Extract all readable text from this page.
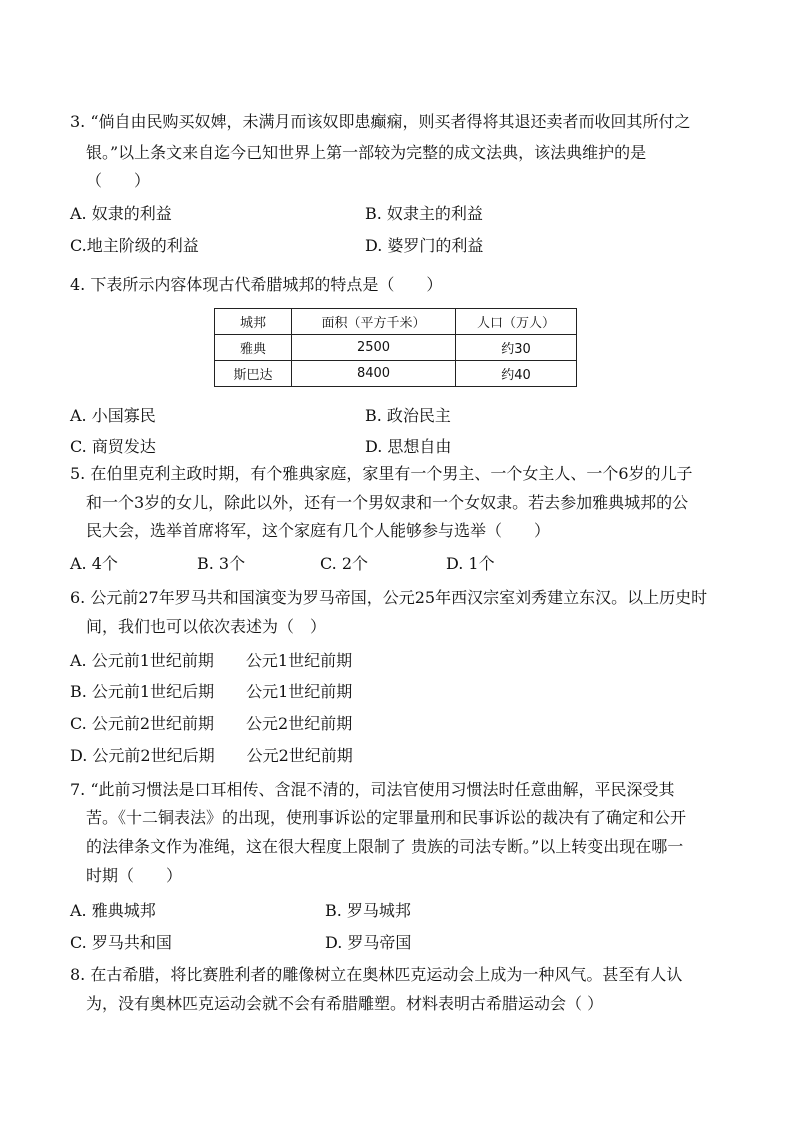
3. “倘自由民购买奴婢，未满月而该奴即患癫痫，则买者得将其退还卖者而收回其所付之
银。”以上条文来自迄今已知世界上第一部较为完整的成文法典，该法典维护的是
（　　）
A. 奴隶的利益	B. 奴隶主的利益
C.地主阶级的利益	D. 婆罗门的利益
4. 下表所示内容体现古代希腊城邦的特点是（　　）
城邦	面积（平方千米）	人口（万人）
雅典	2500	约30
斯巴达	8400	约40
A. 小国寡民	B. 政治民主
C. 商贸发达	D. 思想自由
5. 在伯里克利主政时期，有个雅典家庭，家里有一个男主、一个女主人、一个6岁的儿子
和一个3岁的女儿，除此以外，还有一个男奴隶和一个女奴隶。若去参加雅典城邦的公
民大会，选举首席将军，这个家庭有几个人能够参与选举（　　）
A. 4个	B. 3个	C. 2个	D. 1个
6. 公元前27年罗马共和国演变为罗马帝国，公元25年西汉宗室刘秀建立东汉。以上历史时
间，我们也可以依次表述为（　）
A. 公元前1世纪前期　　公元1世纪前期
B. 公元前1世纪后期　　公元1世纪前期
C. 公元前2世纪前期　　公元2世纪前期
D. 公元前2世纪后期　　公元2世纪前期
7. “此前习惯法是口耳相传、含混不清的，司法官使用习惯法时任意曲解，平民深受其
苦。《十二铜表法》的出现，使刑事诉讼的定罪量刑和民事诉讼的裁决有了确定和公开
的法律条文作为准绳，这在很大程度上限制了 贵族的司法专断。”以上转变出现在哪一
时期（　　）
A. 雅典城邦	B. 罗马城邦
C. 罗马共和国	D. 罗马帝国
8. 在古希腊，将比赛胜利者的雕像树立在奥林匹克运动会上成为一种风气。甚至有人认
为，没有奥林匹克运动会就不会有希腊雕塑。材料表明古希腊运动会（ ）
